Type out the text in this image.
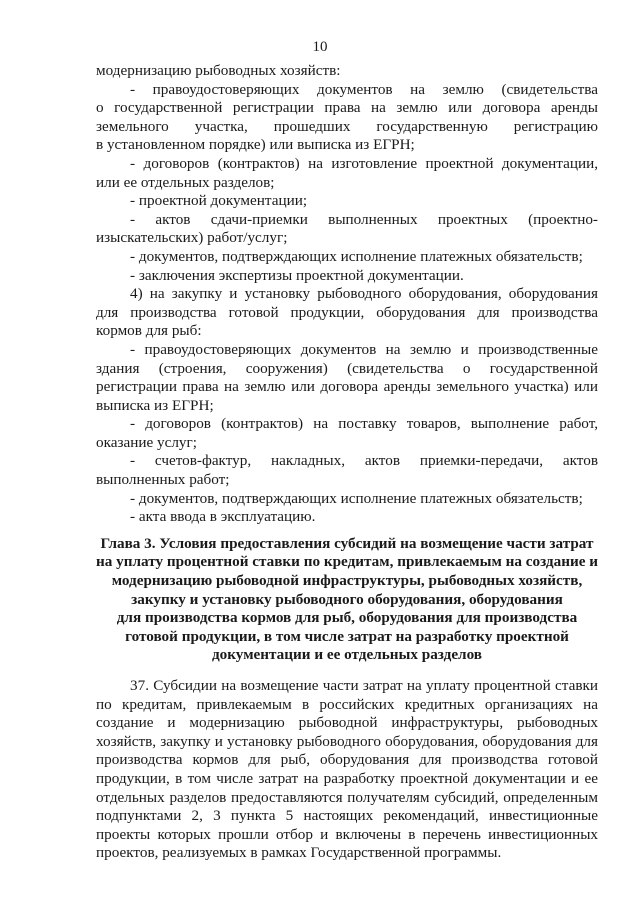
10
модернизацию рыбоводных хозяйств:
- правоудостоверяющих документов на землю (свидетельства
о государственной регистрации права на землю или договора аренды
земельного участка, прошедших государственную регистрацию
в установленном порядке) или выписка из ЕГРН;
- договоров (контрактов) на изготовление проектной документации,
или ее отдельных разделов;
- проектной документации;
- актов сдачи-приемки выполненных проектных (проектно-
изыскательских) работ/услуг;
- документов, подтверждающих исполнение платежных обязательств;
- заключения экспертизы проектной документации.
4) на закупку и установку рыбоводного оборудования, оборудования
для производства готовой продукции, оборудования для производства
кормов для рыб:
- правоудостоверяющих документов на землю и производственные
здания (строения, сооружения) (свидетельства о государственной
регистрации права на землю или договора аренды земельного участка) или
выписка из ЕГРН;
- договоров (контрактов) на поставку товаров, выполнение работ,
оказание услуг;
- счетов-фактур, накладных, актов приемки-передачи, актов
выполненных работ;
- документов, подтверждающих исполнение платежных обязательств;
- акта ввода в эксплуатацию.
Глава 3. Условия предоставления субсидий на возмещение части затрат
на уплату процентной ставки по кредитам, привлекаемым на создание и
модернизацию рыбоводной инфраструктуры, рыбоводных хозяйств,
закупку и установку рыбоводного оборудования, оборудования
для производства кормов для рыб, оборудования для производства
готовой продукции, в том числе затрат на разработку проектной
документации и ее отдельных разделов
37. Субсидии на возмещение части затрат на уплату процентной ставки
по кредитам, привлекаемым в российских кредитных организациях на
создание и модернизацию рыбоводной инфраструктуры, рыбоводных
хозяйств, закупку и установку рыбоводного оборудования, оборудования для
производства кормов для рыб, оборудования для производства готовой
продукции, в том числе затрат на разработку проектной документации и ее
отдельных разделов предоставляются получателям субсидий, определенным
подпунктами 2, 3 пункта 5 настоящих рекомендаций, инвестиционные
проекты которых прошли отбор и включены в перечень инвестиционных
проектов, реализуемых в рамках Государственной программы.
